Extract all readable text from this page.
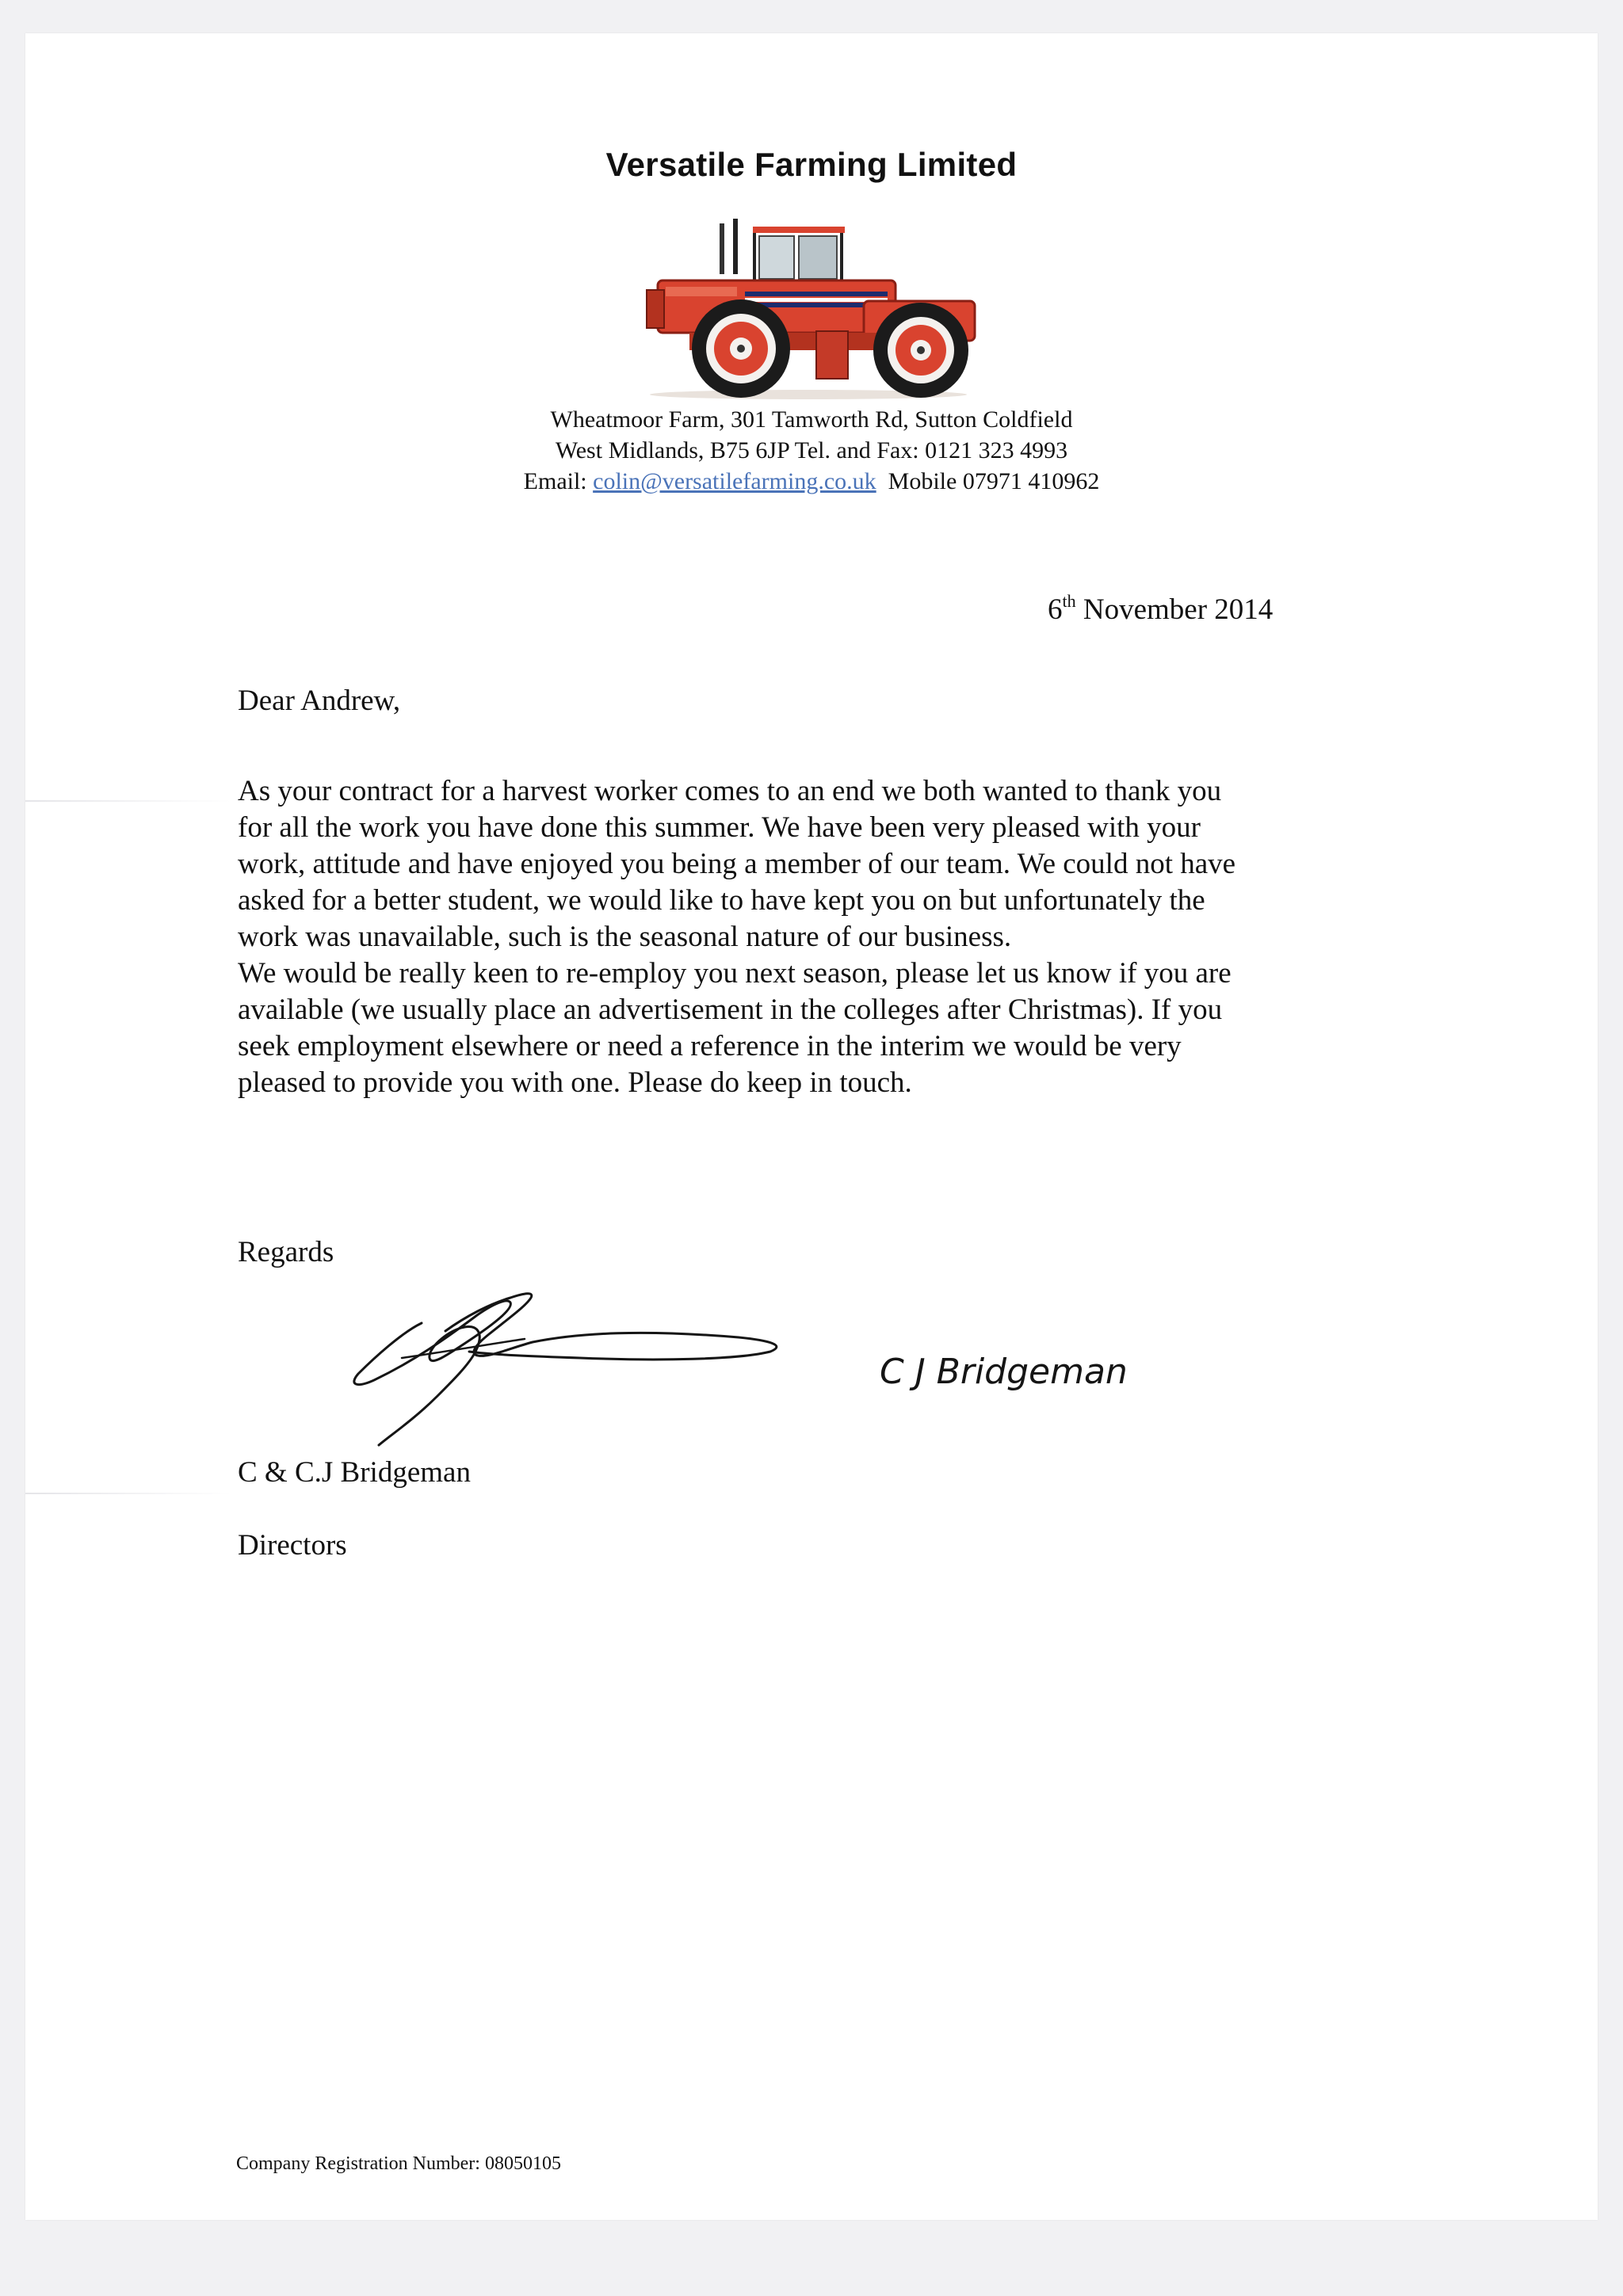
Versatile Farming Limited
Wheatmoor Farm, 301 Tamworth Rd, Sutton Coldfield
West Midlands, B75 6JP Tel. and Fax: 0121 323 4993
Email: colin@versatilefarming.co.uk Mobile 07971 410962
6th November 2014
Dear Andrew,
As your contract for a harvest worker comes to an end we both wanted to thank you
for all the work you have done this summer. We have been very pleased with your
work, attitude and have enjoyed you being a member of our team. We could not have
asked for a better student, we would like to have kept you on but unfortunately the
work was unavailable, such is the seasonal nature of our business.
We would be really keen to re-employ you next season, please let us know if you are
available (we usually place an advertisement in the colleges after Christmas). If you
seek employment elsewhere or need a reference in the interim we would be very
pleased to provide you with one. Please do keep in touch.
Regards
C J Bridgeman
C & C.J Bridgeman
Directors
Company Registration Number: 08050105
